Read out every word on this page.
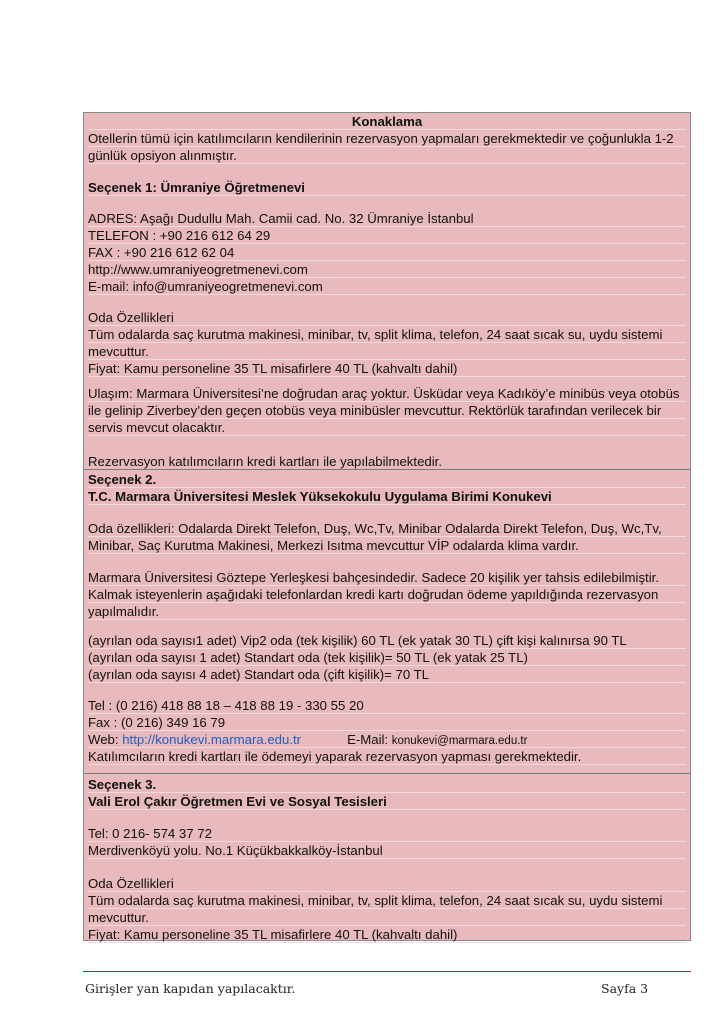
Konaklama
Otellerin tümü için katılımcıların kendilerinin rezervasyon yapmaları gerekmektedir ve çoğunlukla 1-2
günlük opsiyon alınmıştır.
Seçenek 1: Ümraniye Öğretmenevi
ADRES: Aşağı Dudullu Mah. Camii cad. No. 32 Ümraniye İstanbul
TELEFON : +90 216 612 64 29
FAX : +90 216 612 62 04
http://www.umraniyeogretmenevi.com
E-mail: info@umraniyeogretmenevi.com
Oda Özellikleri
Tüm odalarda saç kurutma makinesi, minibar, tv, split klima, telefon, 24 saat sıcak su, uydu sistemi
mevcuttur.
Fiyat: Kamu personeline 35 TL misafirlere 40 TL (kahvaltı dahil)
Ulaşım: Marmara Üniversitesi’ne doğrudan araç yoktur. Üsküdar veya Kadıköy’e minibüs veya otobüs
ile gelinip Ziverbey’den geçen otobüs veya minibüsler mevcuttur. Rektörlük tarafından verilecek bir
servis mevcut olacaktır.
Rezervasyon katılımcıların kredi kartları ile yapılabilmektedir.
Seçenek 2.
T.C. Marmara Üniversitesi Meslek Yüksekokulu Uygulama Birimi Konukevi
Oda özellikleri: Odalarda Direkt Telefon, Duş, Wc,Tv, Minibar Odalarda Direkt Telefon, Duş, Wc,Tv,
Minibar, Saç Kurutma Makinesi, Merkezi Isıtma mevcuttur VİP odalarda klima vardır.
Marmara Üniversitesi Göztepe Yerleşkesi bahçesindedir. Sadece 20 kişilik yer tahsis edilebilmiştir.
Kalmak isteyenlerin aşağıdaki telefonlardan kredi kartı doğrudan ödeme yapıldığında rezervasyon
yapılmalıdır.
(ayrılan oda sayısı1 adet) Vip2 oda (tek kişilik) 60 TL (ek yatak 30 TL) çift kişi kalınırsa 90 TL
(ayrılan oda sayısı 1 adet) Standart oda (tek kişilik)= 50 TL (ek yatak 25 TL)
(ayrılan oda sayısı 4 adet) Standart oda (çift kişilik)= 70 TL
Tel : (0 216) 418 88 18 – 418 88 19 - 330 55 20
Fax : (0 216) 349 16 79
Web: http://konukevi.marmara.edu.tr	E-Mail: konukevi@marmara.edu.tr
Katılımcıların kredi kartları ile ödemeyi yaparak rezervasyon yapması gerekmektedir.
Seçenek 3.
Vali Erol Çakır Öğretmen Evi ve Sosyal Tesisleri
Tel: 0 216- 574 37 72
Merdivenköyü yolu. No.1 Küçükbakkalköy-İstanbul
Oda Özellikleri
Tüm odalarda saç kurutma makinesi, minibar, tv, split klima, telefon, 24 saat sıcak su, uydu sistemi
mevcuttur.
Fiyat: Kamu personeline 35 TL misafirlere 40 TL (kahvaltı dahil)
Girişler yan kapıdan yapılacaktır.	Sayfa 3
